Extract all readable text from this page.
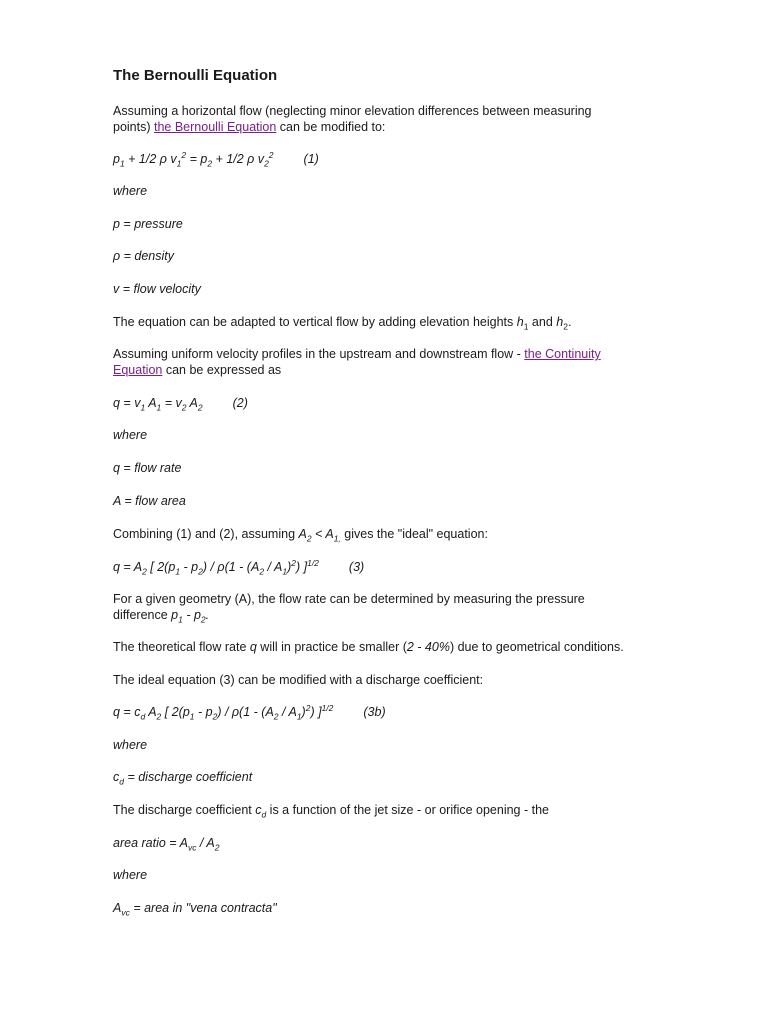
The Bernoulli Equation
Assuming a horizontal flow (neglecting minor elevation differences between measuring
points) the Bernoulli Equation can be modified to:
$p_1 + 1/2$ ρ $v_1^2 = p_2 + 1/2$ ρ $v_2^2$ (1)
where
p = pressure
ρ = density
v = flow velocity
The equation can be adapted to vertical flow by adding elevation heights $h_1$ and $h_2$.
Assuming uniform velocity profiles in the upstream and downstream flow - the Continuity
Equation can be expressed as
$q = v_1$ $A_1 = v_2$ $A_2$ (2)
where
q = flow rate
A = flow area
Combining (1) and (2), assuming $A_2 < A_{1,}$ gives the "ideal" equation:
$q = A_2$ [ $2(p_1 - p_2) / \rho(1 - (A_2 / A_1)^2)$ ]$^{1/2}$ (3)
For a given geometry (A), the flow rate can be determined by measuring the pressure
difference $p_1 - p_2$.
The theoretical flow rate q will in practice be smaller (2 - 40%) due to geometrical conditions.
The ideal equation (3) can be modified with a discharge coefficient:
$q = c_d$ $A_2$ [ $2(p_1 - p_2) / \rho(1 - (A_2 / A_1)^2)$ ]$^{1/2}$ (3b)
where
$c_d$ = discharge coefficient
The discharge coefficient $c_d$ is a function of the jet size - or orifice opening - the
area ratio = $A_{vc} / A_2$
where
$A_{vc}$ = area in "vena contracta"
